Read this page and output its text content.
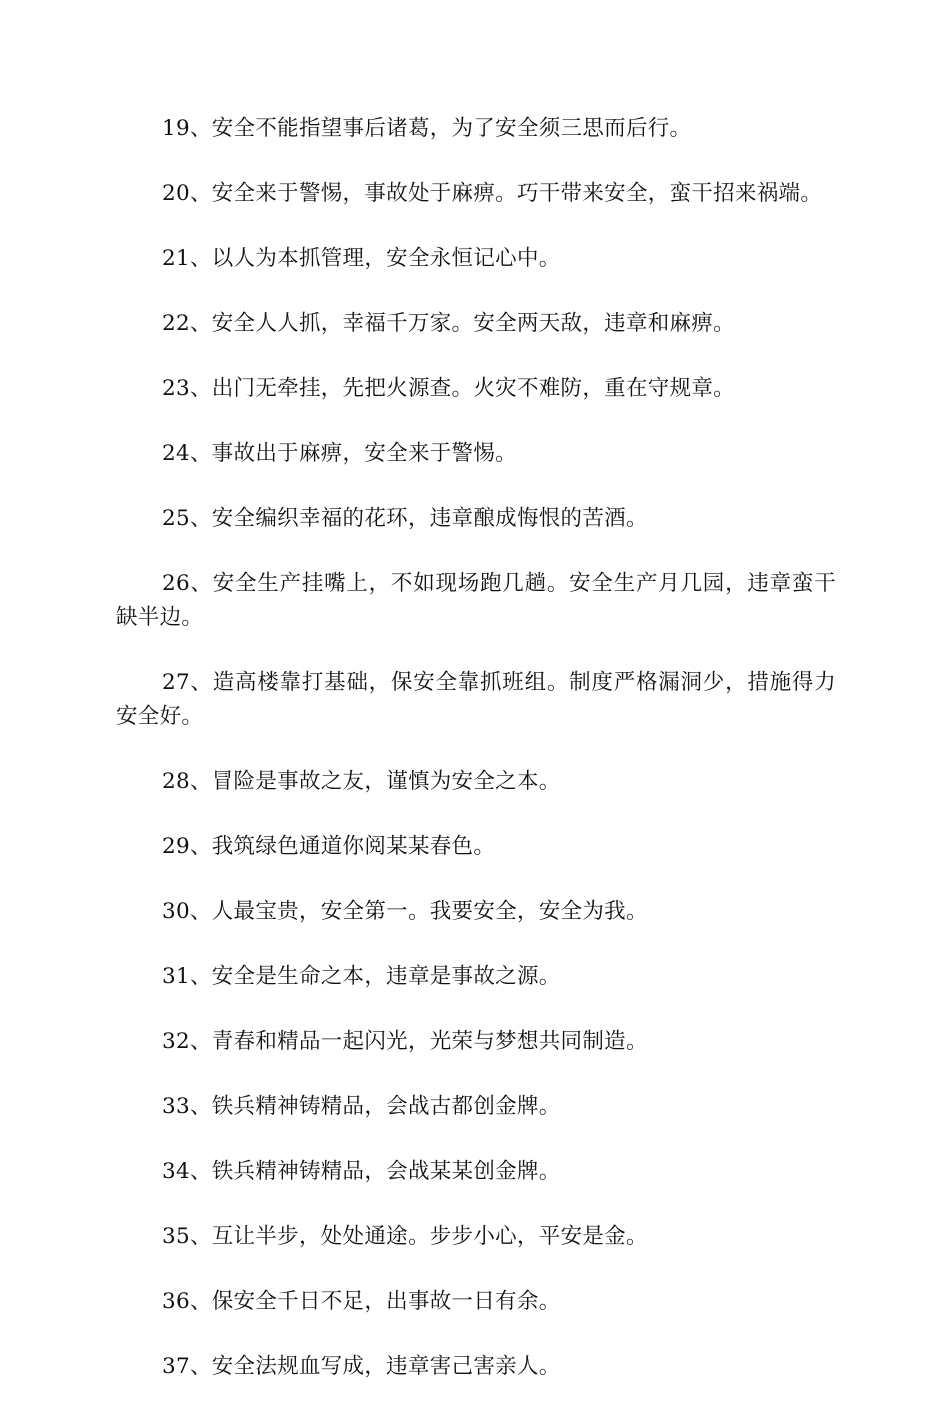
19、安全不能指望事后诸葛，为了安全须三思而后行。

20、安全来于警惕，事故处于麻痹。巧干带来安全，蛮干招来祸端。

21、以人为本抓管理，安全永恒记心中。

22、安全人人抓，幸福千万家。安全两天敌，违章和麻痹。

23、出门无牵挂，先把火源查。火灾不难防，重在守规章。

24、事故出于麻痹，安全来于警惕。

25、安全编织幸福的花环，违章酿成悔恨的苦酒。

26、安全生产挂嘴上，不如现场跑几趟。安全生产月几园，违章蛮干缺半边。

27、造高楼靠打基础，保安全靠抓班组。制度严格漏洞少，措施得力安全好。

28、冒险是事故之友，谨慎为安全之本。

29、我筑绿色通道你阅某某春色。

30、人最宝贵，安全第一。我要安全，安全为我。

31、安全是生命之本，违章是事故之源。

32、青春和精品一起闪光，光荣与梦想共同制造。

33、铁兵精神铸精品，会战古都创金牌。

34、铁兵精神铸精品，会战某某创金牌。

35、互让半步，处处通途。步步小心，平安是金。

36、保安全千日不足，出事故一日有余。

37、安全法规血写成，违章害己害亲人。
